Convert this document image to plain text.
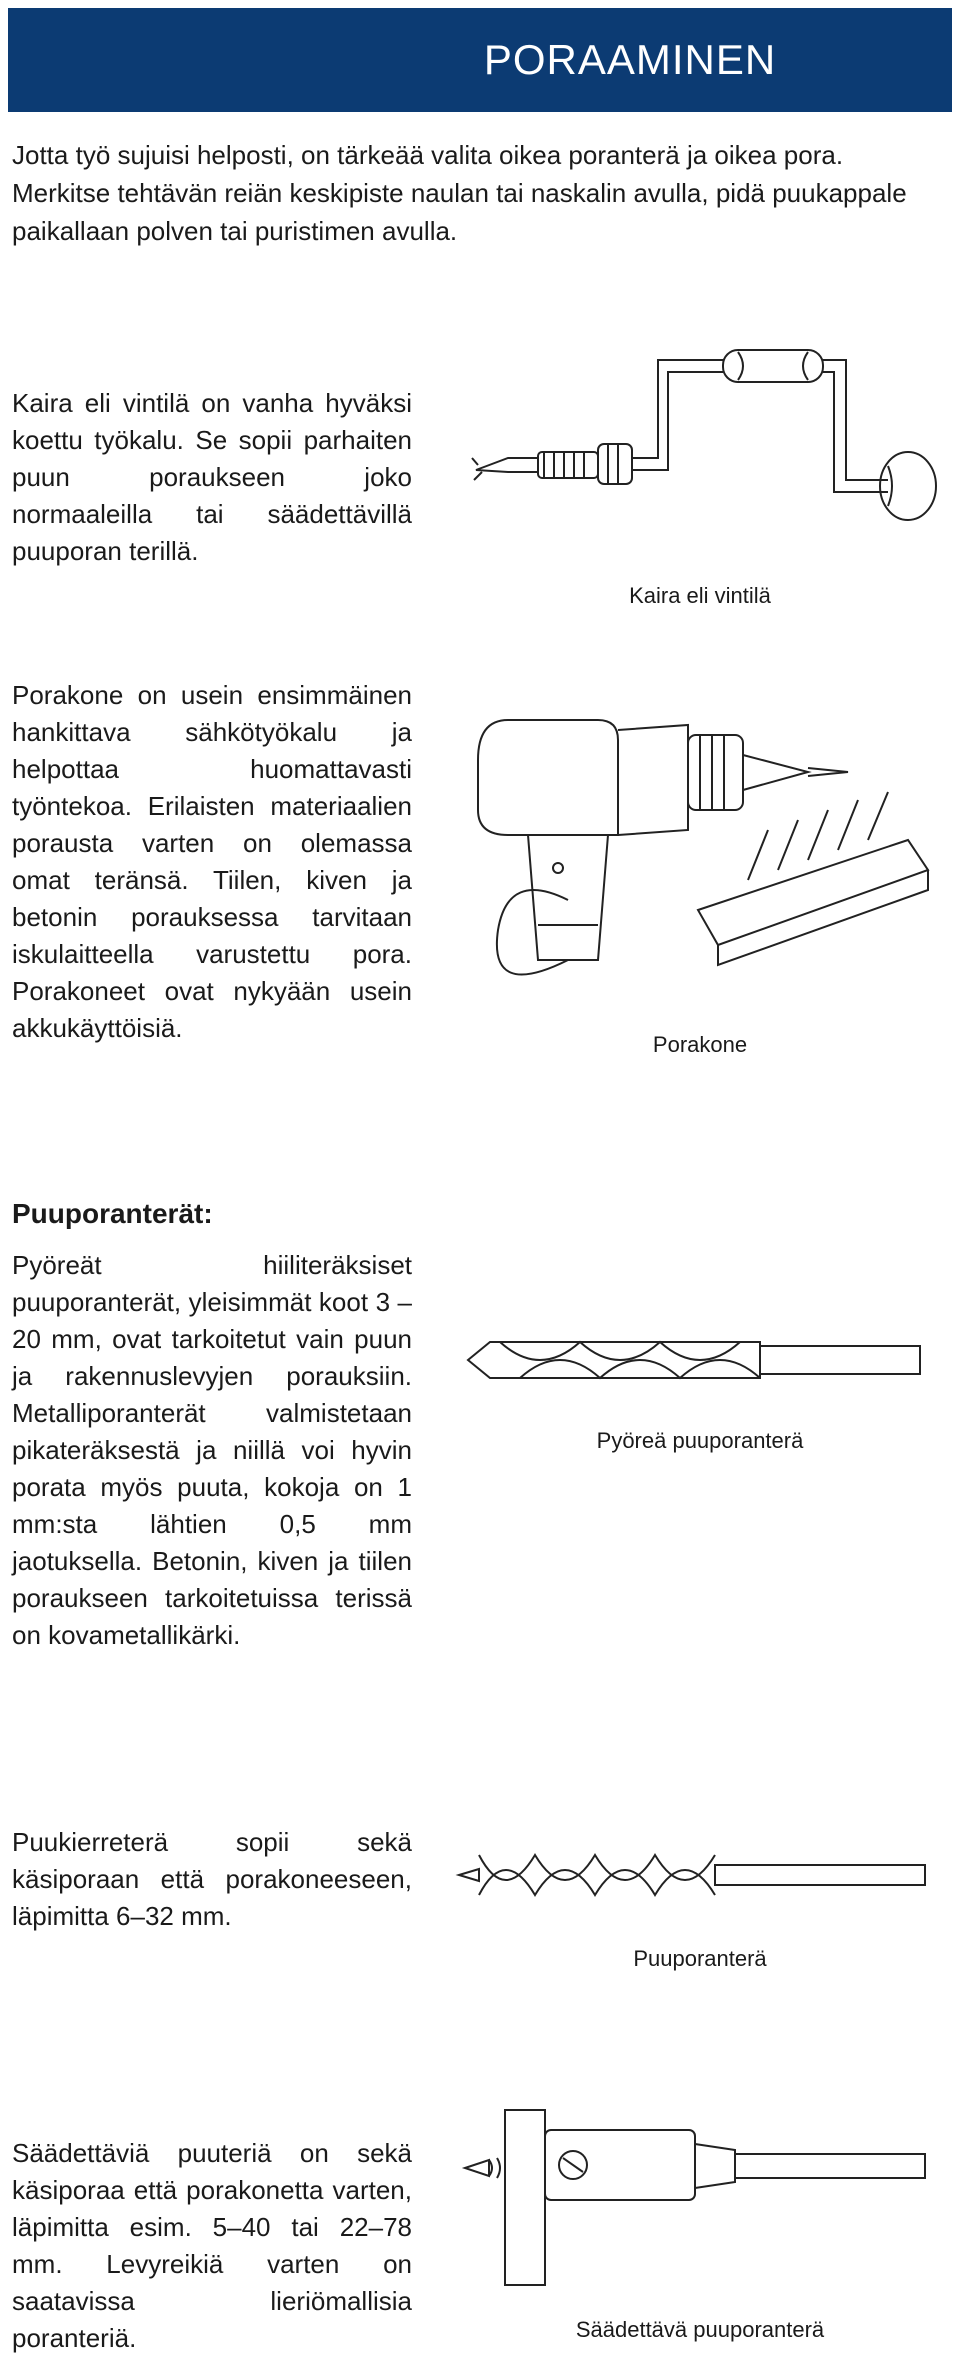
PORAAMINEN

Jotta työ sujuisi helposti, on tärkeää valita oikea poranterä ja oikea pora. Merkitse tehtävän reiän keskipiste naulan tai naskalin avulla, pidä puukappale paikallaan polven tai puristimen avulla.

Kaira eli vintilä on vanha hyväksi koettu työkalu. Se sopii parhaiten puun poraukseen joko normaaleilla tai säädettävillä puuporan terillä.

Kaira eli vintilä

Porakone on usein ensimmäinen hankittava sähkötyökalu ja helpottaa huomattavasti työntekoa. Erilaisten materiaalien porausta varten on olemassa omat teränsä. Tiilen, kiven ja betonin porauksessa tarvitaan iskulaitteella varustettu pora. Porakoneet ovat nykyään usein akkukäyttöisiä.

Porakone

Puuporanterät:

Pyöreät hiiliteräksiset puuporanterät, yleisimmät koot 3 – 20 mm, ovat tarkoitetut vain puun ja rakennuslevyjen porauksiin. Metalliporanterät valmistetaan pikateräksestä ja niillä voi hyvin porata myös puuta, kokoja on 1 mm:sta lähtien 0,5 mm jaotuksella. Betonin, kiven ja tiilen poraukseen tarkoitetuissa terissä on kovametallikärki.

Pyöreä puuporanterä

Puukierreterä sopii sekä käsiporaan että porakoneeseen, läpimitta 6–32 mm.

Puuporanterä

Säädettäviä puuteriä on sekä käsiporaa että porakonetta varten, läpimitta esim. 5–40 tai 22–78 mm. Levyreikiä varten on saatavissa lieriömallisia poranteriä.	Säädettävä puuporanterä
